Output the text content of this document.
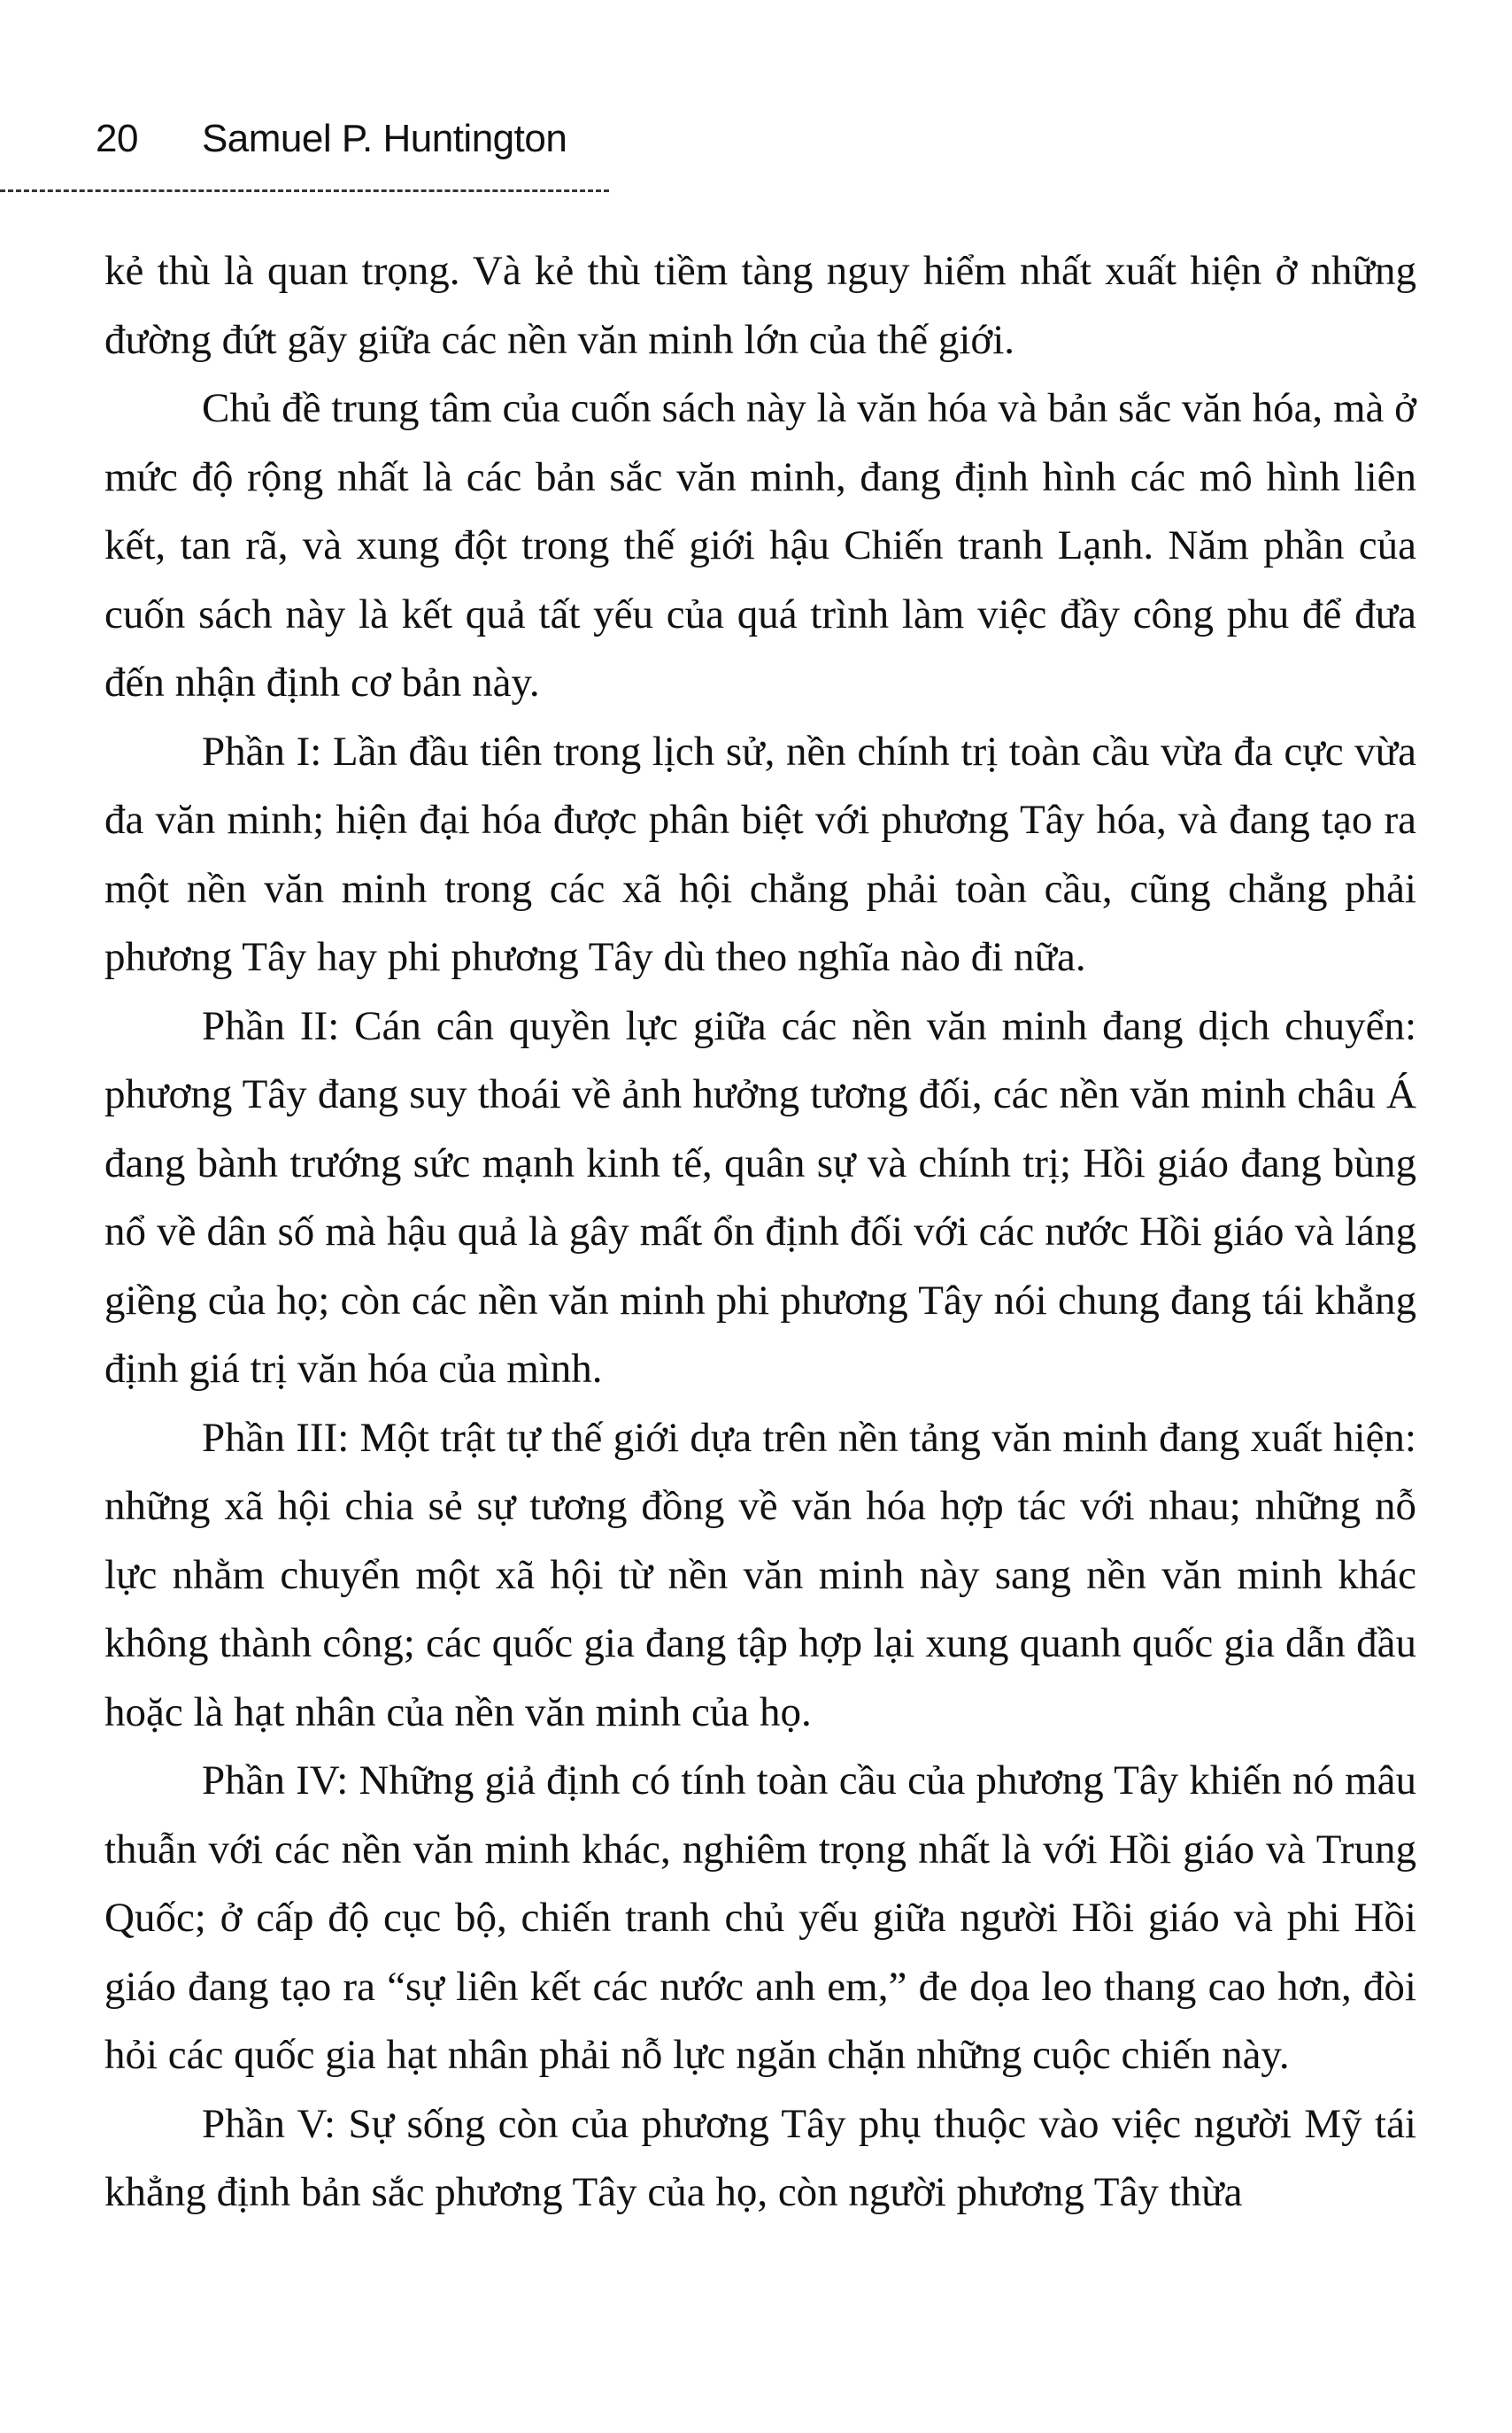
20 Samuel P. Huntington

kẻ thù là quan trọng. Và kẻ thù tiềm tàng nguy hiểm nhất xuất hiện ở những đường đứt gãy giữa các nền văn minh lớn của thế giới.

Chủ đề trung tâm của cuốn sách này là văn hóa và bản sắc văn hóa, mà ở mức độ rộng nhất là các bản sắc văn minh, đang định hình các mô hình liên kết, tan rã, và xung đột trong thế giới hậu Chiến tranh Lạnh. Năm phần của cuốn sách này là kết quả tất yếu của quá trình làm việc đầy công phu để đưa đến nhận định cơ bản này.

Phần I: Lần đầu tiên trong lịch sử, nền chính trị toàn cầu vừa đa cực vừa đa văn minh; hiện đại hóa được phân biệt với phương Tây hóa, và đang tạo ra một nền văn minh trong các xã hội chẳng phải toàn cầu, cũng chẳng phải phương Tây hay phi phương Tây dù theo nghĩa nào đi nữa.

Phần II: Cán cân quyền lực giữa các nền văn minh đang dịch chuyển: phương Tây đang suy thoái về ảnh hưởng tương đối, các nền văn minh châu Á đang bành trướng sức mạnh kinh tế, quân sự và chính trị; Hồi giáo đang bùng nổ về dân số mà hậu quả là gây mất ổn định đối với các nước Hồi giáo và láng giềng của họ; còn các nền văn minh phi phương Tây nói chung đang tái khẳng định giá trị văn hóa của mình.

Phần III: Một trật tự thế giới dựa trên nền tảng văn minh đang xuất hiện: những xã hội chia sẻ sự tương đồng về văn hóa hợp tác với nhau; những nỗ lực nhằm chuyển một xã hội từ nền văn minh này sang nền văn minh khác không thành công; các quốc gia đang tập hợp lại xung quanh quốc gia dẫn đầu hoặc là hạt nhân của nền văn minh của họ.

Phần IV: Những giả định có tính toàn cầu của phương Tây khiến nó mâu thuẫn với các nền văn minh khác, nghiêm trọng nhất là với Hồi giáo và Trung Quốc; ở cấp độ cục bộ, chiến tranh chủ yếu giữa người Hồi giáo và phi Hồi giáo đang tạo ra “sự liên kết các nước anh em,” đe dọa leo thang cao hơn, đòi hỏi các quốc gia hạt nhân phải nỗ lực ngăn chặn những cuộc chiến này.

Phần V: Sự sống còn của phương Tây phụ thuộc vào việc người Mỹ tái khẳng định bản sắc phương Tây của họ, còn người phương Tây thừa
